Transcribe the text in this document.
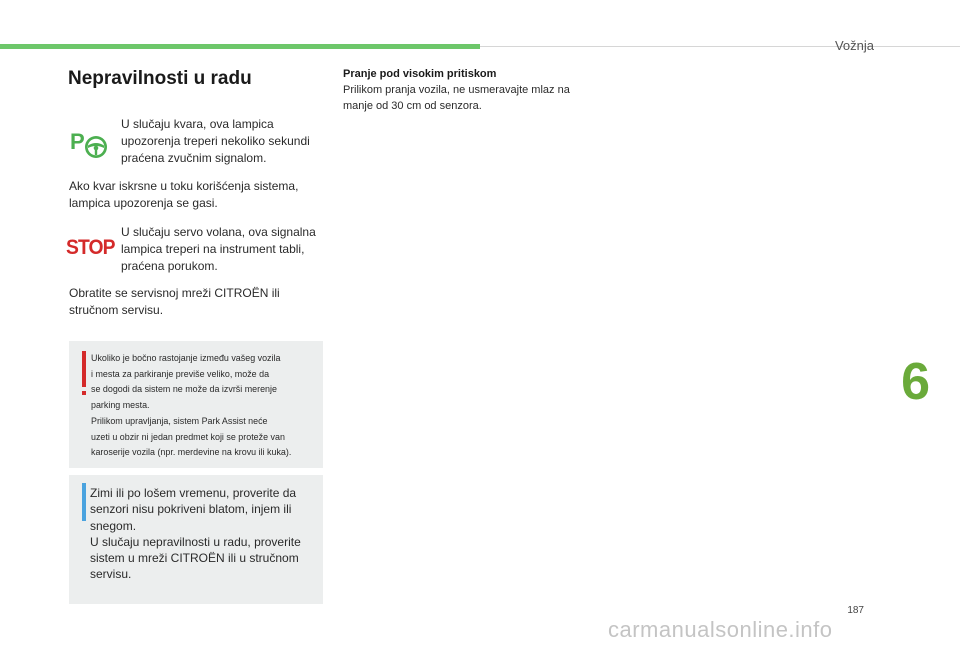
Vožnja
Nepravilnosti u radu
P

U slučaju kvara, ova lampica
upozorenja treperi nekoliko sekundi
praćena zvučnim signalom.

Ako kvar iskrsne u toku korišćenja sistema,
lampica upozorenja se gasi.

STOP

U slučaju servo volana, ova signalna
lampica treperi na instrument tabli,
praćena porukom.

Obratite se servisnoj mreži CITROËN ili
stručnom servisu.

Ukoliko je bočno rastojanje između vašeg vozila
i mesta za parkiranje previše veliko, može da
se dogodi da sistem ne može da izvrši merenje
parking mesta.
Prilikom upravljanja, sistem Park Assist neće
uzeti u obzir ni jedan predmet koji se proteže van
karoserije vozila (npr. merdevine na krovu ili kuka).
Zimi ili po lošem vremenu, proverite da
senzori nisu pokriveni blatom, injem ili
snegom.
U slučaju nepravilnosti u radu, proverite
sistem u mreži CITROËN ili u stručnom
servisu.
Pranje pod visokim pritiskom

Prilikom pranja vozila, ne usmeravajte mlaz na
manje od 30 cm od senzora.

6
187
carmanualsonline.info
